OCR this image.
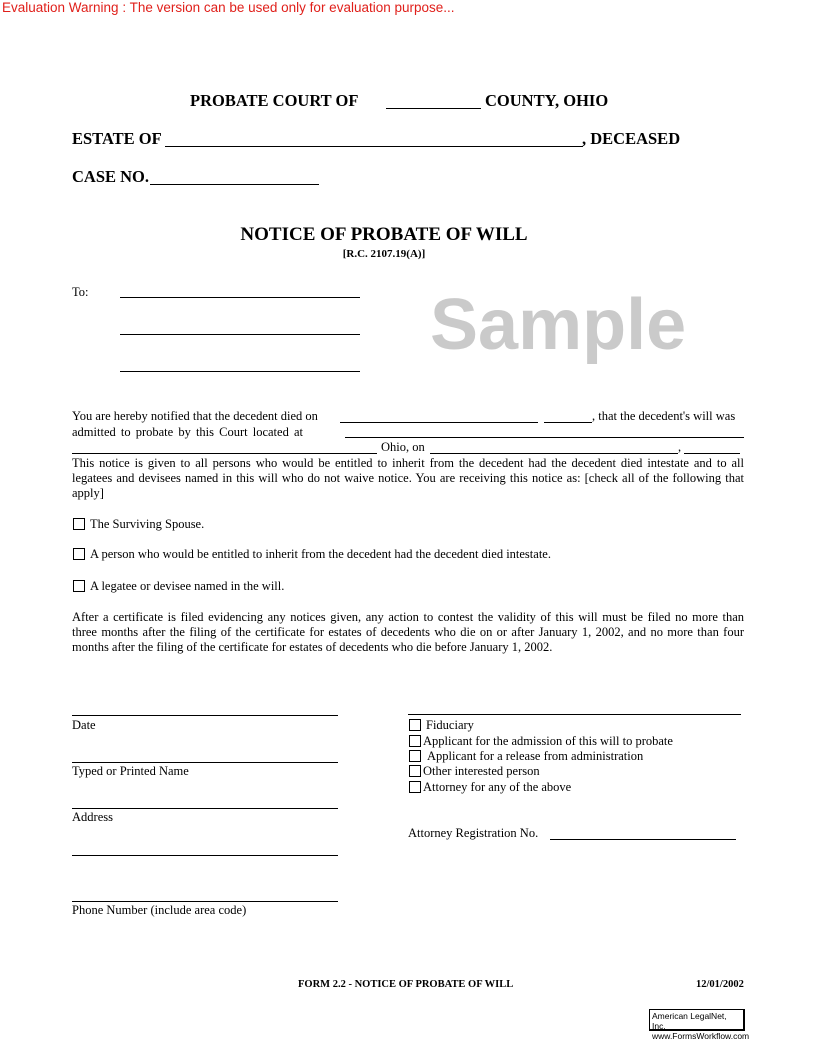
Evaluation Warning : The version can be used only for evaluation purpose...
Sample
PROBATE COURT OF	COUNTY, OHIO
ESTATE OF	, DECEASED
CASE NO.
NOTICE OF PROBATE OF WILL
[R.C. 2107.19(A)]
To:
You are hereby notified that the decedent died on	, that the decedent's will was
admitted to probate by this Court located at
Ohio, on	,
This notice is given to all persons who would be entitled to inherit from the decedent had the decedent died intestate and to all
legatees and devisees named in this will who do not waive notice. You are receiving this notice as: [check all of the following that
apply]
The Surviving Spouse.
A person who would be entitled to inherit from the decedent had the decedent died intestate.
A legatee or devisee named in the will.
After a certificate is filed evidencing any notices given, any action to contest the validity of this will must be filed no more than
three months after the filing of the certificate for estates of decedents who die on or after January 1, 2002, and no more than four
months after the filing of the certificate for estates of decedents who die before January 1, 2002.
Date
Typed or Printed Name
Address
Phone Number (include area code)
Fiduciary
Applicant for the admission of this will to probate
Applicant for a release from administration
Other interested person
Attorney for any of the above
Attorney Registration No.
FORM 2.2 - NOTICE OF PROBATE OF WILL	12/01/2002
American LegalNet, Inc.
www.FormsWorkflow.com
